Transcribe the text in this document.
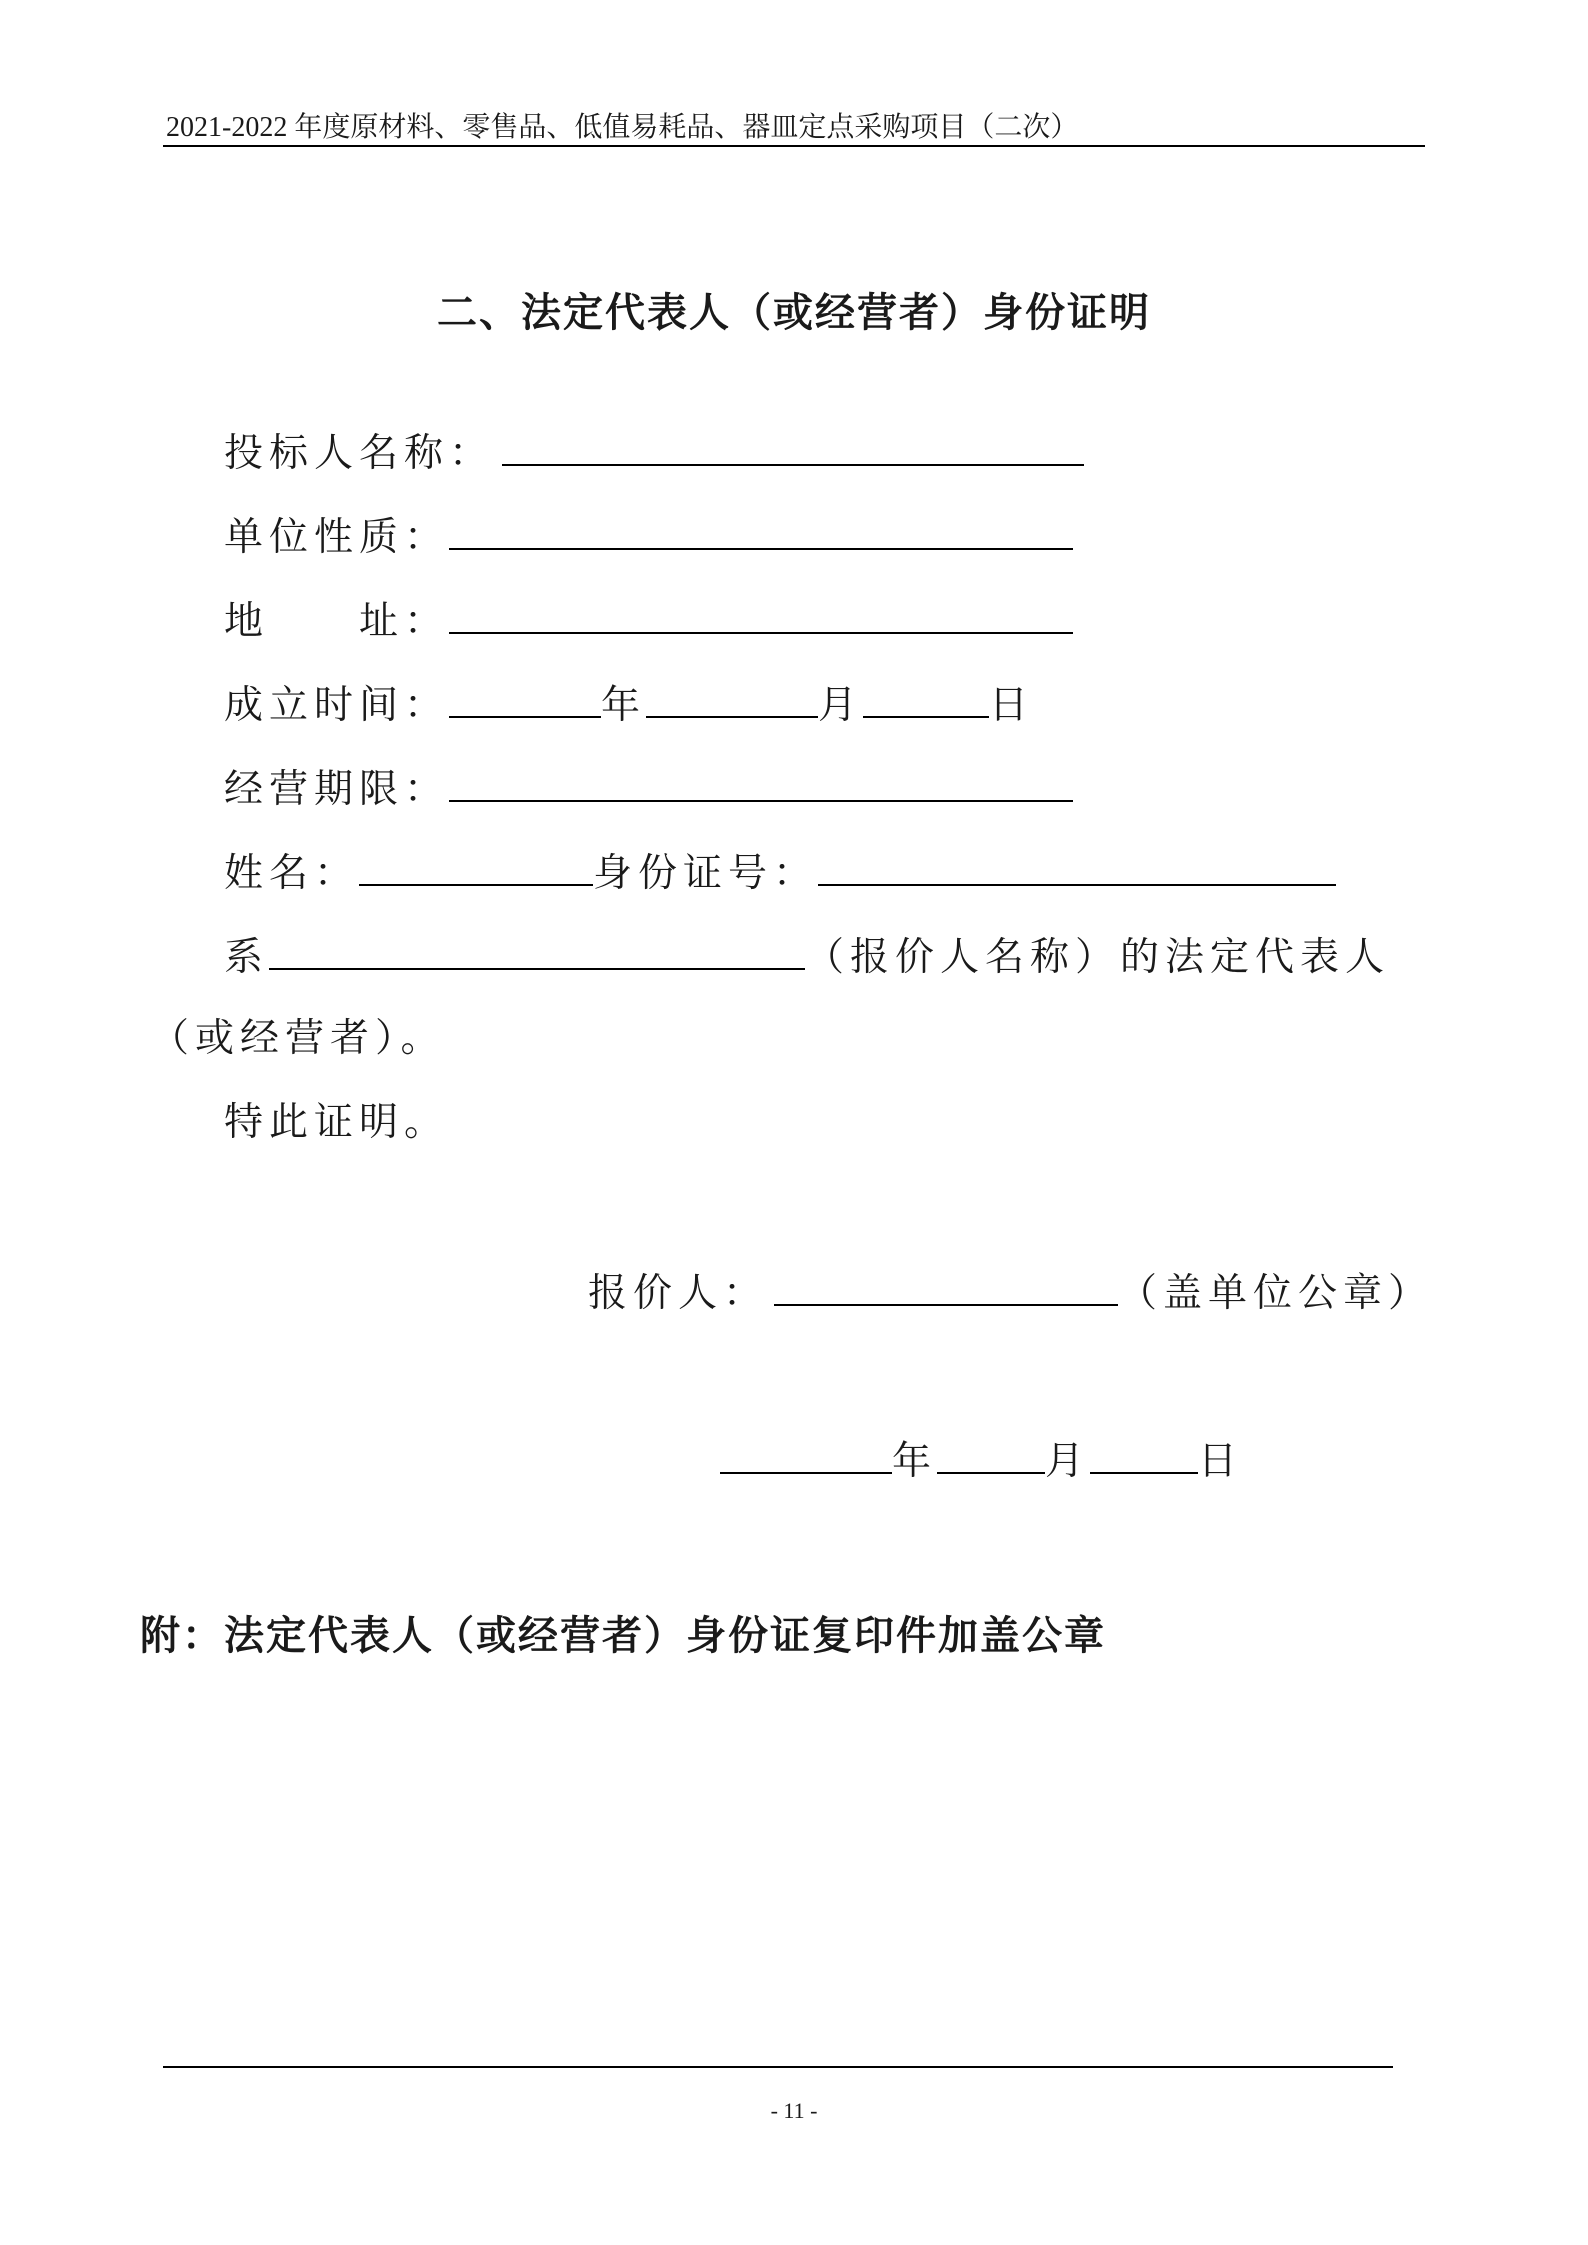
2021-2022 年度原材料、零售品、低值易耗品、器皿定点采购项目（二次）
二、法定代表人（或经营者）身份证明
投标人名称：
单位性质：
地　　址：
成立时间：	年	月	日
经营期限：
姓名：	身份证号：
系	（报价人名称）的法定代表人
（或经营者）。
特此证明。
报价人：	（盖单位公章）
年	月	日
附：法定代表人（或经营者）身份证复印件加盖公章
- 11 -
